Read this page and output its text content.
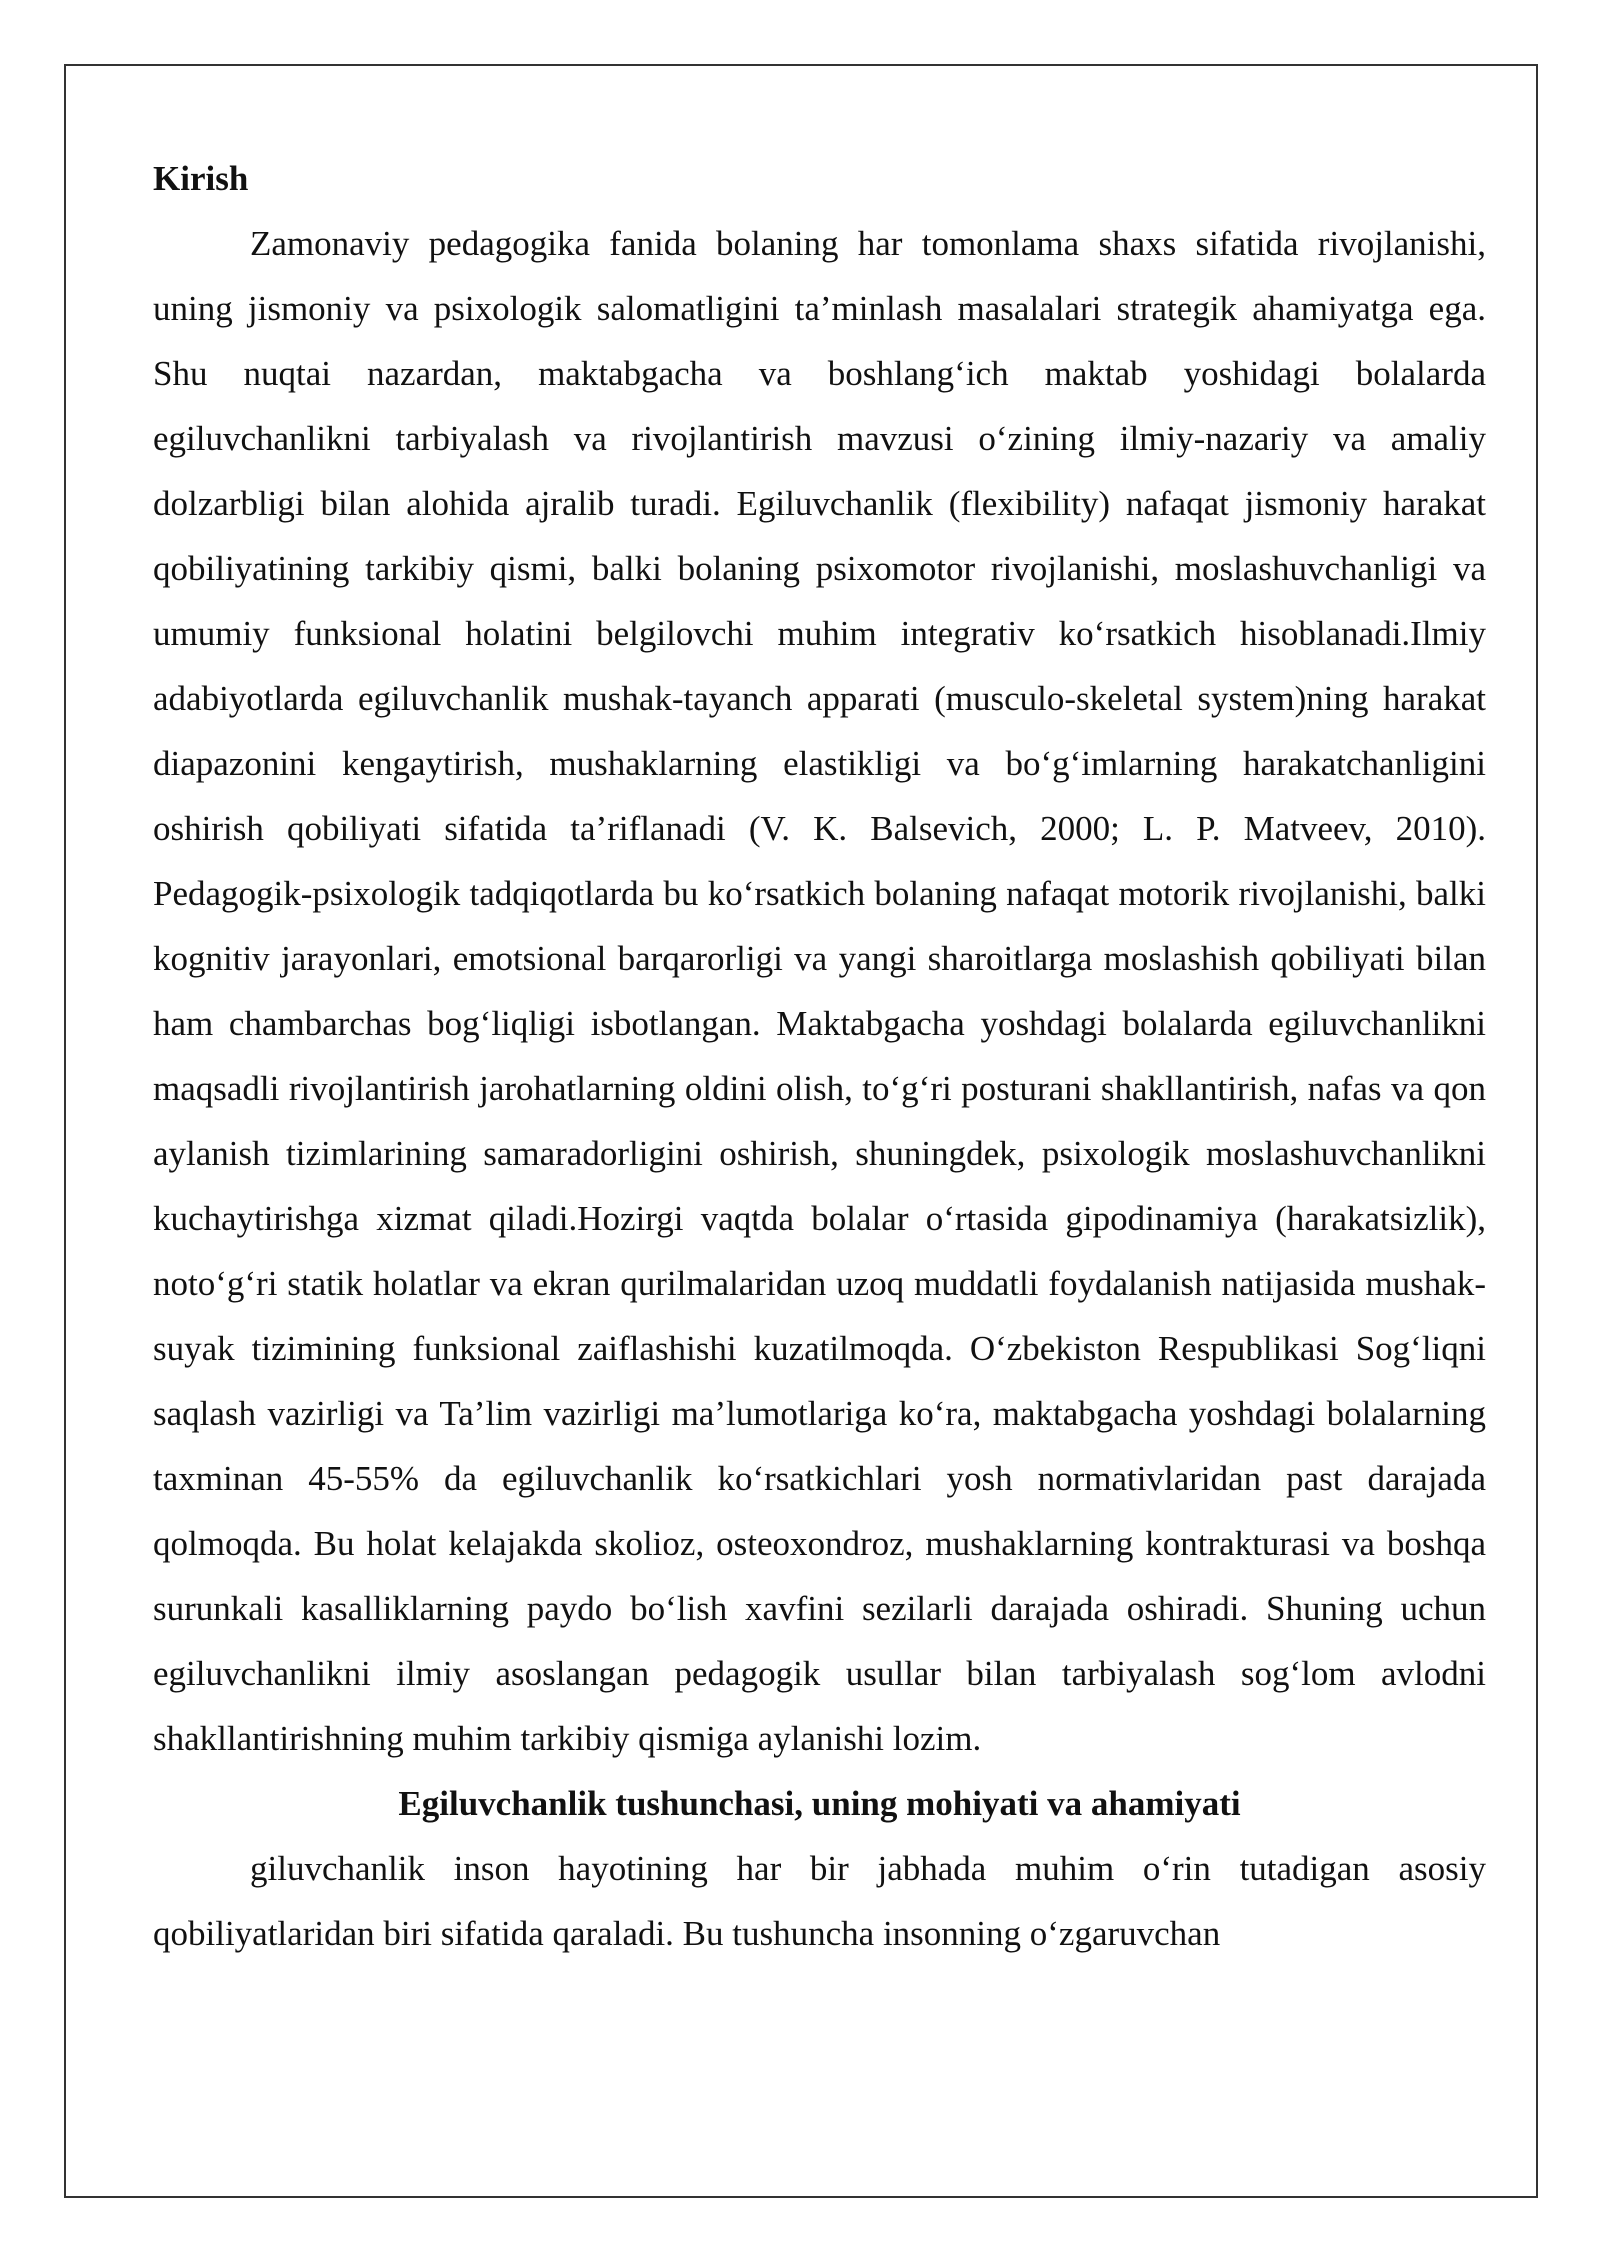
Kirish

Zamonaviy pedagogika fanida bolaning har tomonlama shaxs sifatida rivojlanishi, uning jismoniy va psixologik salomatligini ta’minlash masalalari strategik ahamiyatga ega. Shu nuqtai nazardan, maktabgacha va boshlang‘ich maktab yoshidagi bolalarda egiluvchanlikni tarbiyalash va rivojlantirish mavzusi o‘zining ilmiy-nazariy va amaliy dolzarbligi bilan alohida ajralib turadi. Egiluvchanlik (flexibility) nafaqat jismoniy harakat qobiliyatining tarkibiy qismi, balki bolaning psixomotor rivojlanishi, moslashuvchanligi va umumiy funksional holatini belgilovchi muhim integrativ ko‘rsatkich hisoblanadi.Ilmiy adabiyotlarda egiluvchanlik mushak-tayanch apparati (musculo-skeletal system)ning harakat diapazonini kengaytirish, mushaklarning elastikligi va bo‘g‘imlarning harakatchanligini oshirish qobiliyati sifatida ta’riflanadi (V. K. Balsevich, 2000; L. P. Matveev, 2010). Pedagogik-psixologik tadqiqotlarda bu ko‘rsatkich bolaning nafaqat motorik rivojlanishi, balki kognitiv jarayonlari, emotsional barqarorligi va yangi sharoitlarga moslashish qobiliyati bilan ham chambarchas bog‘liqligi isbotlangan. Maktabgacha yoshdagi bolalarda egiluvchanlikni maqsadli rivojlantirish jarohatlarning oldini olish, to‘g‘ri posturani shakllantirish, nafas va qon aylanish tizimlarining samaradorligini oshirish, shuningdek, psixologik moslashuvchanlikni kuchaytirishga xizmat qiladi.Hozirgi vaqtda bolalar o‘rtasida gipodinamiya (harakatsizlik), noto‘g‘ri statik holatlar va ekran qurilmalaridan uzoq muddatli foydalanish natijasida mushak-suyak tizimining funksional zaiflashishi kuzatilmoqda. O‘zbekiston Respublikasi Sog‘liqni saqlash vazirligi va Ta’lim vazirligi ma’lumotlariga ko‘ra, maktabgacha yoshdagi bolalarning taxminan 45-55% da egiluvchanlik ko‘rsatkichlari yosh normativlaridan past darajada qolmoqda. Bu holat kelajakda skolioz, osteoxondroz, mushaklarning kontrakturasi va boshqa surunkali kasalliklarning paydo bo‘lish xavfini sezilarli darajada oshiradi. Shuning uchun egiluvchanlikni ilmiy asoslangan pedagogik usullar bilan tarbiyalash sog‘lom avlodni shakllantirishning muhim tarkibiy qismiga aylanishi lozim.

Egiluvchanlik tushunchasi, uning mohiyati va ahamiyati

giluvchanlik inson hayotining har bir jabhada muhim o‘rin tutadigan asosiy qobiliyatlaridan biri sifatida qaraladi. Bu tushuncha insonning o‘zgaruvchan
